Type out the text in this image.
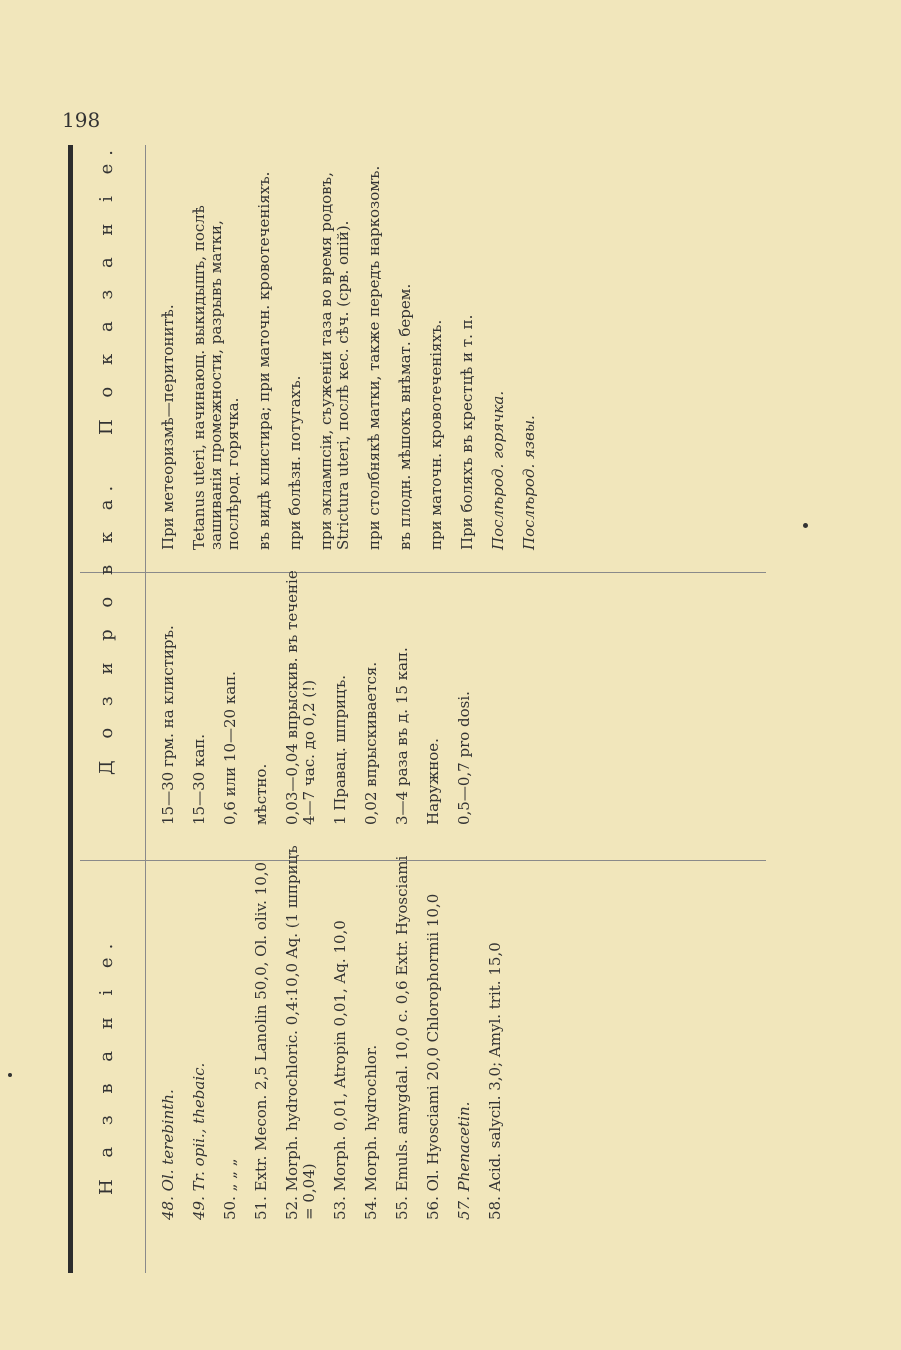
198
Н а з в а н і е.
Д о з и р о в к а.
П о к а з а н і е.
48. Ol. terebinth. 49. Tr. opii., thebaic. 50. „ „ „ 51. Extr. Mecon. 2,5 Lanolin 50,0, Ol. oliv. 10,0 52. Morph. hydrochloric. 0,4:10,0 Aq. (1 шприцъ = 0,04) 53. Morph. 0,01, Atropin 0,01, Aq. 10,0 54. Morph. hydrochlor. 55. Emuls. amygdal. 10,0 c. 0,6 Extr. Hyosciami 56. Ol. Hyosciami 20,0 Chlorophormii 10,0 57. Phenacetin. 58. Acid. salycil. 3,0; Amyl. trit. 15,0
15—30 грм. на клистиръ. 15—30 кап. 0,6 или 10—20 кап. мѣстно. 0,03—0,04 впрыскив. въ теченіе 4—7 час. до 0,2 (!) 1 Правац. шприцъ. 0,02 впрыскивается. 3—4 раза въ д. 15 кап. Наружное. 0,5—0,7 pro dosi.
При метеоризмѣ—перитонитѣ. Tetanus uteri, начинающ. выкидышъ, послѣ зашиванія промежности, разрывъ матки, послѣрод. горячка. въ видѣ клистира; при маточн. кровотеченіяхъ. при болѣзн. потугахъ. при эклампсіи, съуженіи таза во время родовъ, Strictura uteri, послѣ кес. сѣч. (срв. опій). при столбнякѣ матки, также передъ наркозомъ. въ плодн. мѣшокъ внѣмат. берем. при маточн. кровотеченіяхъ. При боляхъ въ крестцѣ и т. п. Послѣрод. горячка. Послѣрод. язвы.
